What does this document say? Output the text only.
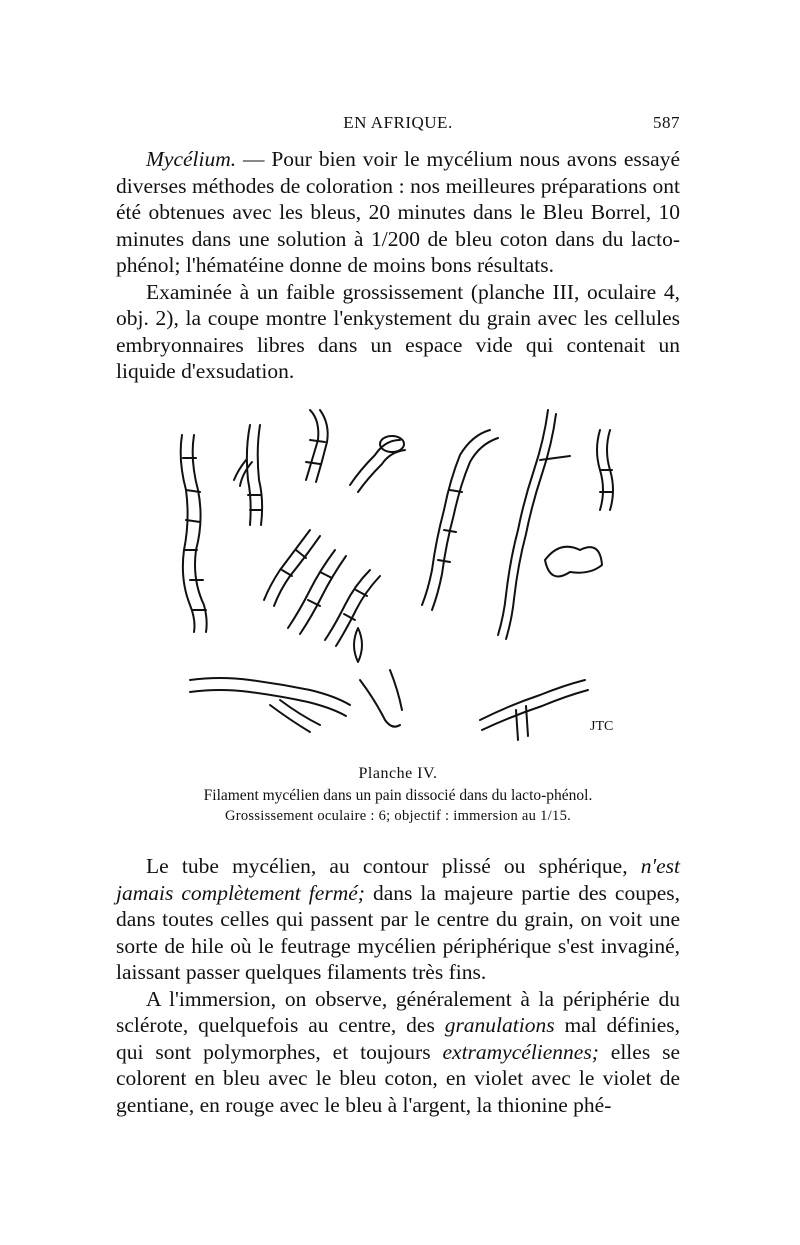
EN AFRIQUE.	587

Mycélium. — Pour bien voir le mycélium nous avons essayé diverses méthodes de coloration : nos meilleures préparations ont été obtenues avec les bleus, 20 minutes dans le Bleu Borrel, 10 minutes dans une solution à 1/200 de bleu coton dans du lacto-phénol; l'hématéine donne de moins bons résultats.

Examinée à un faible grossissement (planche III, oculaire 4, obj. 2), la coupe montre l'enkystement du grain avec les cellules embryonnaires libres dans un espace vide qui contenait un liquide d'exsudation.

JTC
Planche IV.
Filament mycélien dans un pain dissocié dans du lacto-phénol.
Grossissement oculaire : 6; objectif : immersion au 1/15.

Le tube mycélien, au contour plissé ou sphérique, n'est jamais complètement fermé; dans la majeure partie des coupes, dans toutes celles qui passent par le centre du grain, on voit une sorte de hile où le feutrage mycélien périphérique s'est invaginé, laissant passer quelques filaments très fins.

A l'immersion, on observe, généralement à la périphérie du sclérote, quelquefois au centre, des granulations mal définies, qui sont polymorphes, et toujours extramycéliennes; elles se colorent en bleu avec le bleu coton, en violet avec le violet de gentiane, en rouge avec le bleu à l'argent, la thionine phé-
